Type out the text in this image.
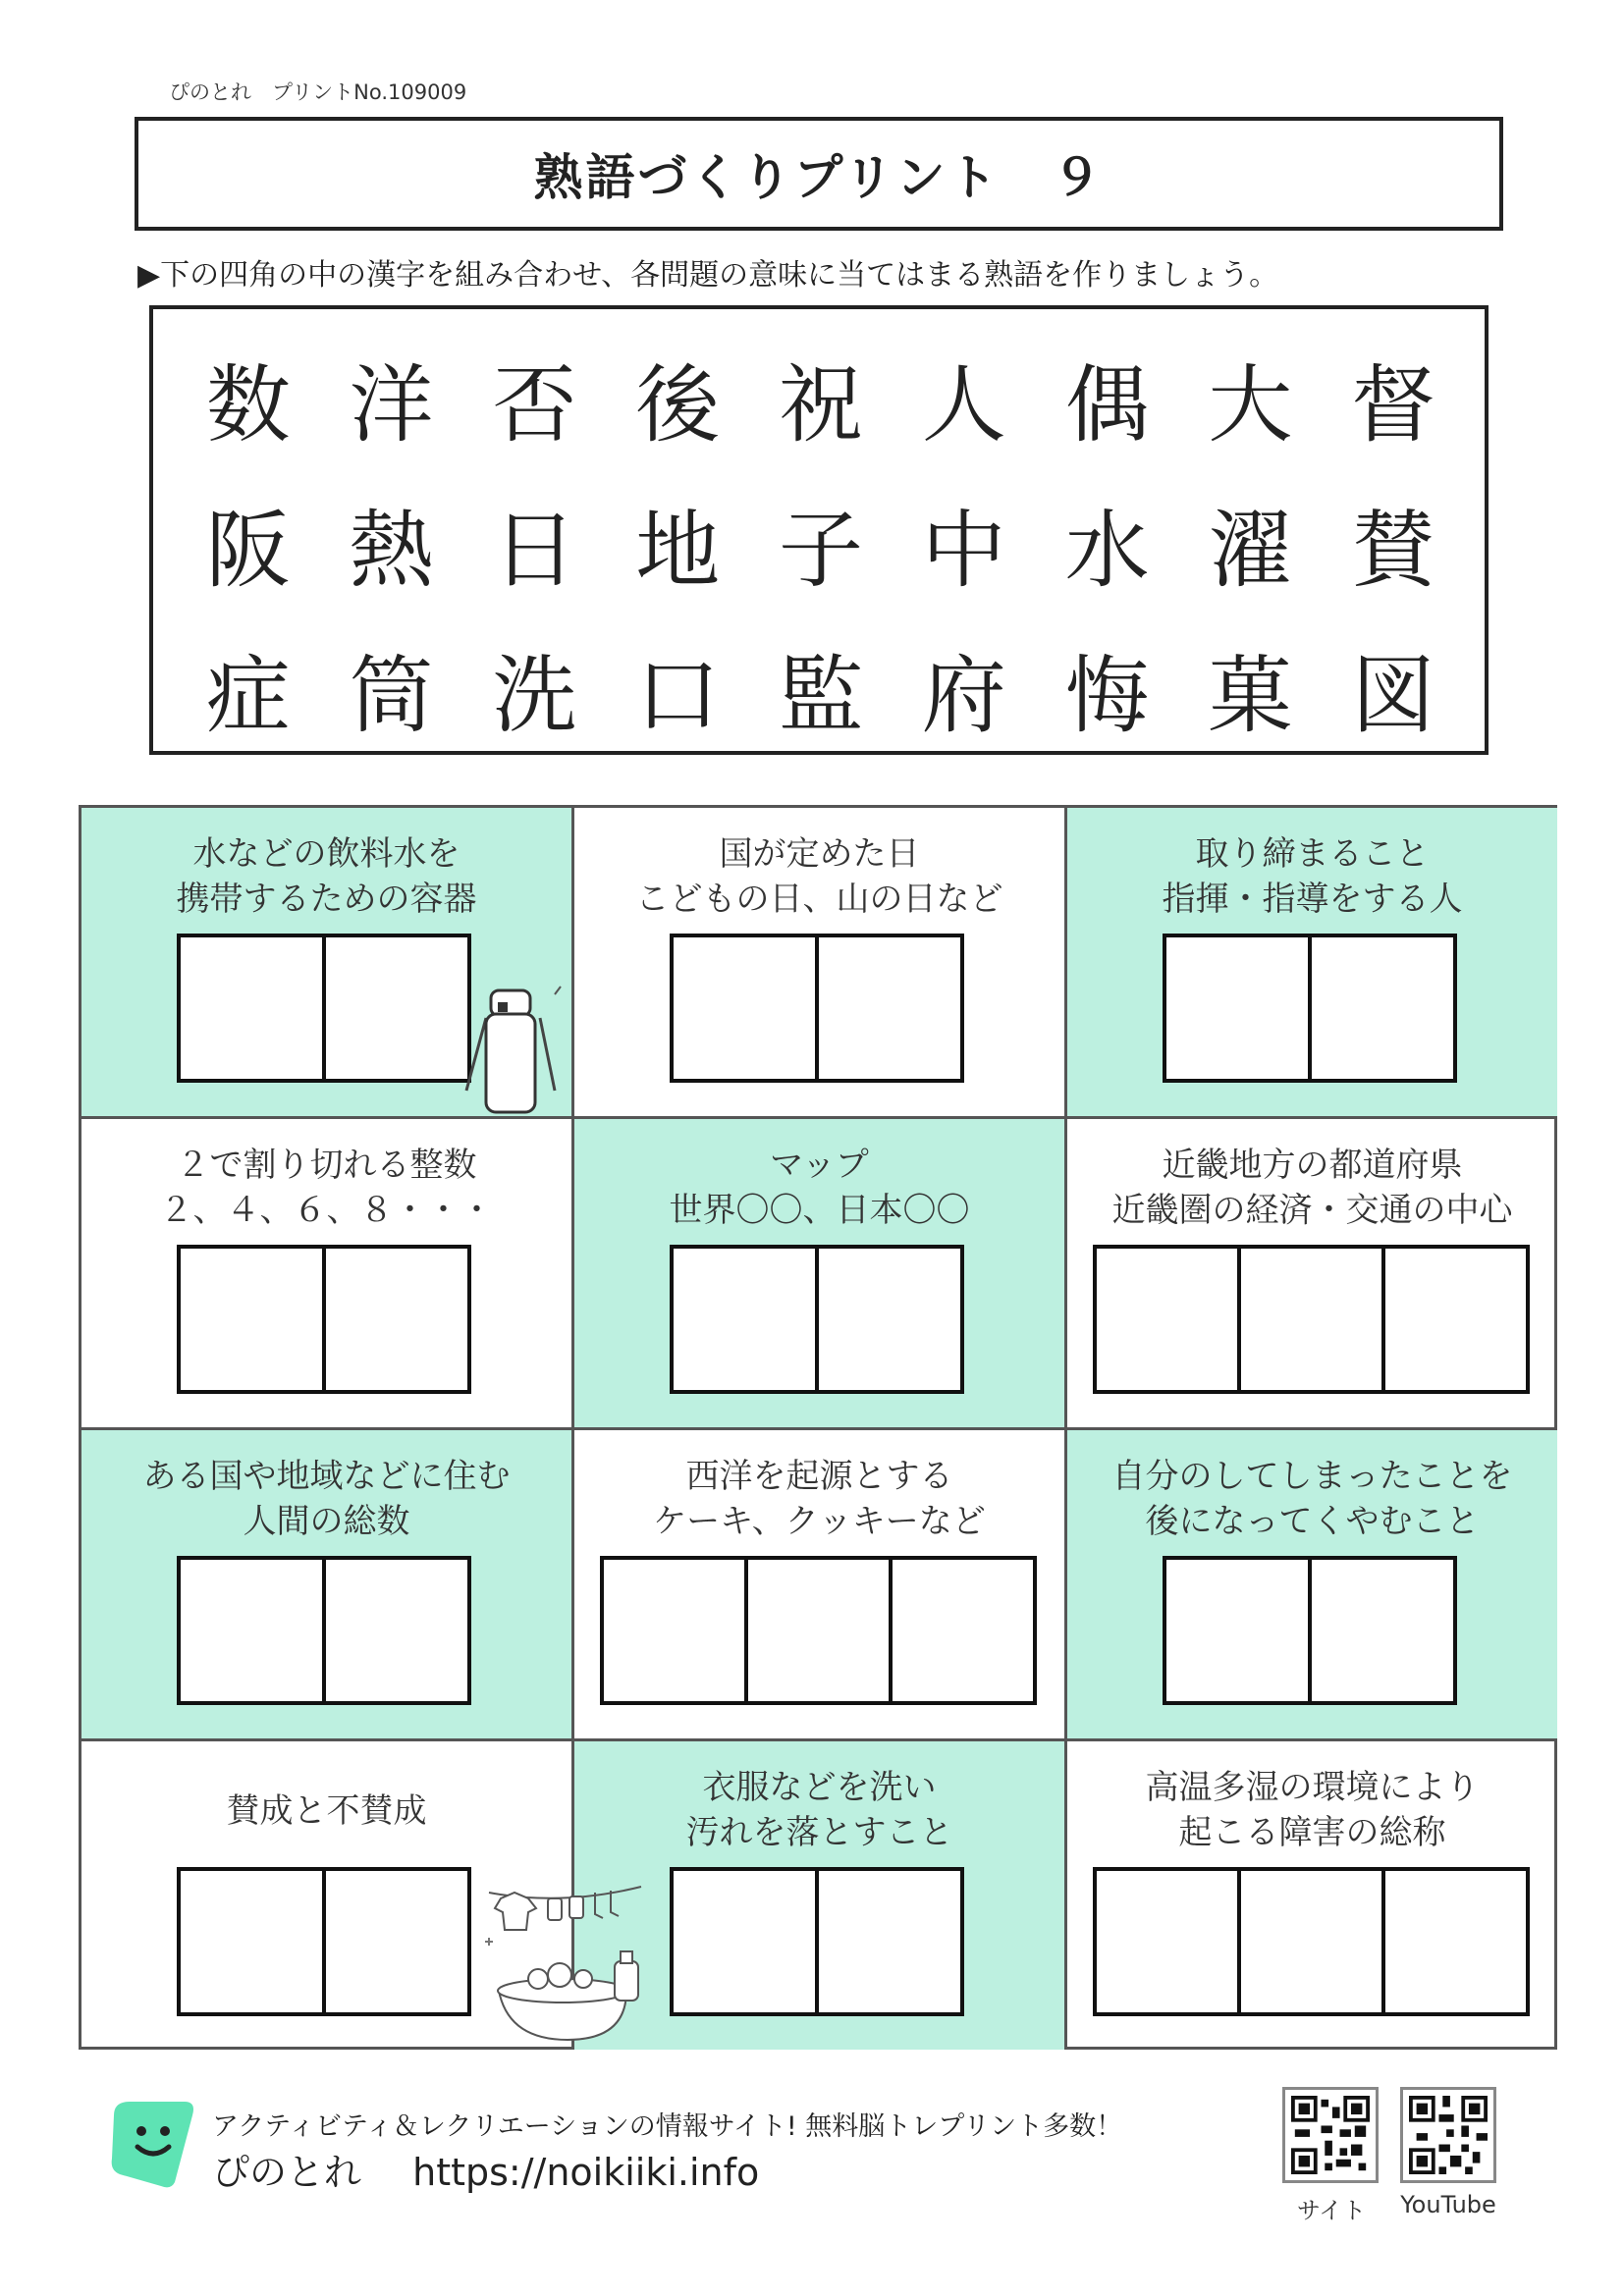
ぴのとれ　プリントNo.109009
熟語づくりプリント　９
▶下の四角の中の漢字を組み合わせ、各問題の意味に当てはまる熟語を作りましょう。
数 洋 否 後 祝 人 偶 大 督
阪 熱 日 地 子 中 水 濯 賛
症 筒 洗 口 監 府 悔 菓 図
水などの飲料水を
携帯するための容器
国が定めた日
こどもの日、山の日など
取り締まること
指揮・指導をする人
２で割り切れる整数
２、４、６、８・・・
マップ
世界〇〇、日本〇〇
近畿地方の都道府県
近畿圏の経済・交通の中心
ある国や地域などに住む
人間の総数
西洋を起源とする
ケーキ、クッキーなど
自分のしてしまったことを
後になってくやむこと
賛成と不賛成
衣服などを洗い
汚れを落とすこと
高温多湿の環境により
起こる障害の総称
アクティビティ＆レクリエーションの情報サイト! 無料脳トレプリント多数！
ぴのとれ https://noikiiki.info
サイト	YouTube
